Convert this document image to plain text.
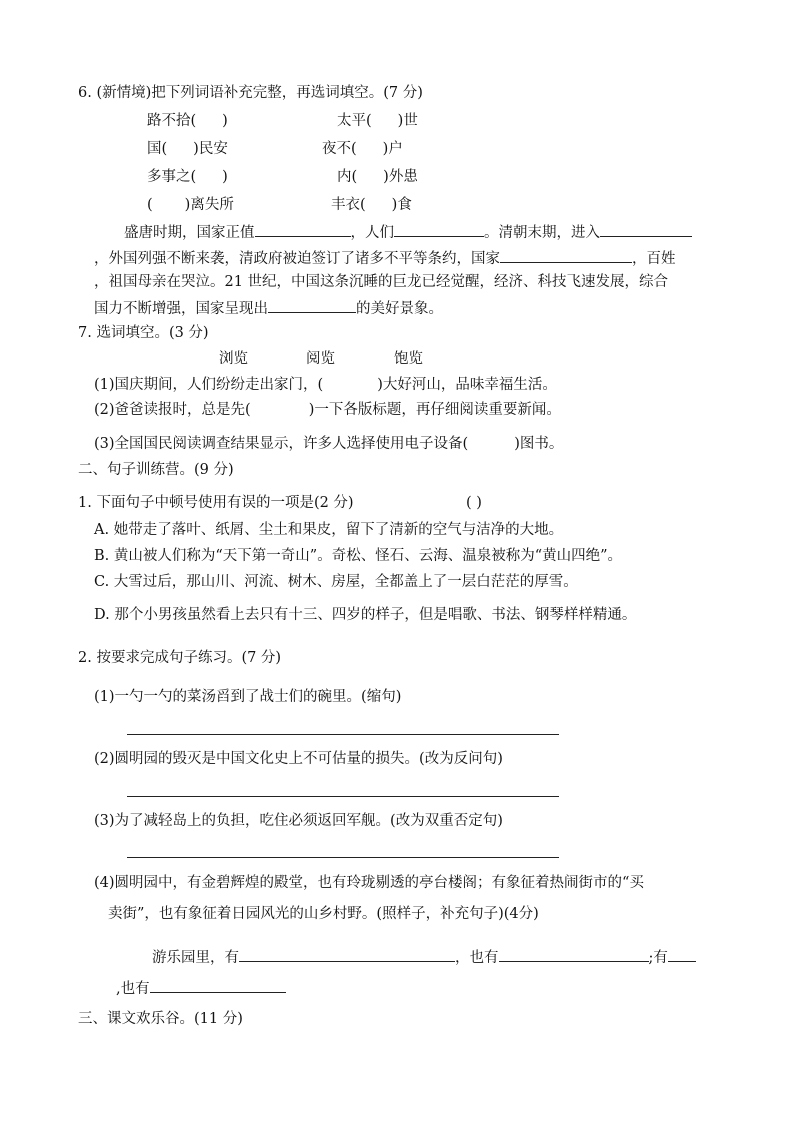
6. (新情境)把下列词语补充完整，再选词填空。(7 分)
路不拾( )	太平( )世
国( )民安	夜不( )户
多事之( )	内( )外患
( )离失所	丰衣( )食
盛唐时期，国家正值	，人们	。清朝末期，进入
，外国列强不断来袭，清政府被迫签订了诸多不平等条约，国家	，百姓
，祖国母亲在哭泣。21 世纪，中国这条沉睡的巨龙已经觉醒，经济、科技飞速发展，综合
国力不断增强，国家呈现出	的美好景象。
7. 选词填空。(3 分)
浏览	阅览	饱览
(1)国庆期间，人们纷纷走出家门，(	)大好河山，品味幸福生活。
(2)爸爸读报时，总是先(	)一下各版标题，再仔细阅读重要新闻。
(3)全国国民阅读调查结果显示，许多人选择使用电子设备(	)图书。
二、句子训练营。(9 分)
1. 下面句子中顿号使用有误的一项是(2 分)	( )
A. 她带走了落叶、纸屑、尘土和果皮，留下了清新的空气与洁净的大地。
B. 黄山被人们称为“天下第一奇山”。奇松、怪石、云海、温泉被称为“黄山四绝”。
C. 大雪过后，那山川、河流、树木、房屋，全都盖上了一层白茫茫的厚雪。
D. 那个小男孩虽然看上去只有十三、四岁的样子，但是唱歌、书法、钢琴样样精通。
2. 按要求完成句子练习。(7 分)
(1)一勺一勺的菜汤舀到了战士们的碗里。(缩句)
(2)圆明园的毁灭是中国文化史上不可估量的损失。(改为反问句)
(3)为了减轻岛上的负担，吃住必须返回军舰。(改为双重否定句)
(4)圆明园中，有金碧辉煌的殿堂，也有玲珑剔透的亭台楼阁；有象征着热闹街市的“买
卖街”，也有象征着日园风光的山乡村野。(照样子，补充句子)(4分)
游乐园里，有	，也有	;有
,也有
三、课文欢乐谷。(11 分)
